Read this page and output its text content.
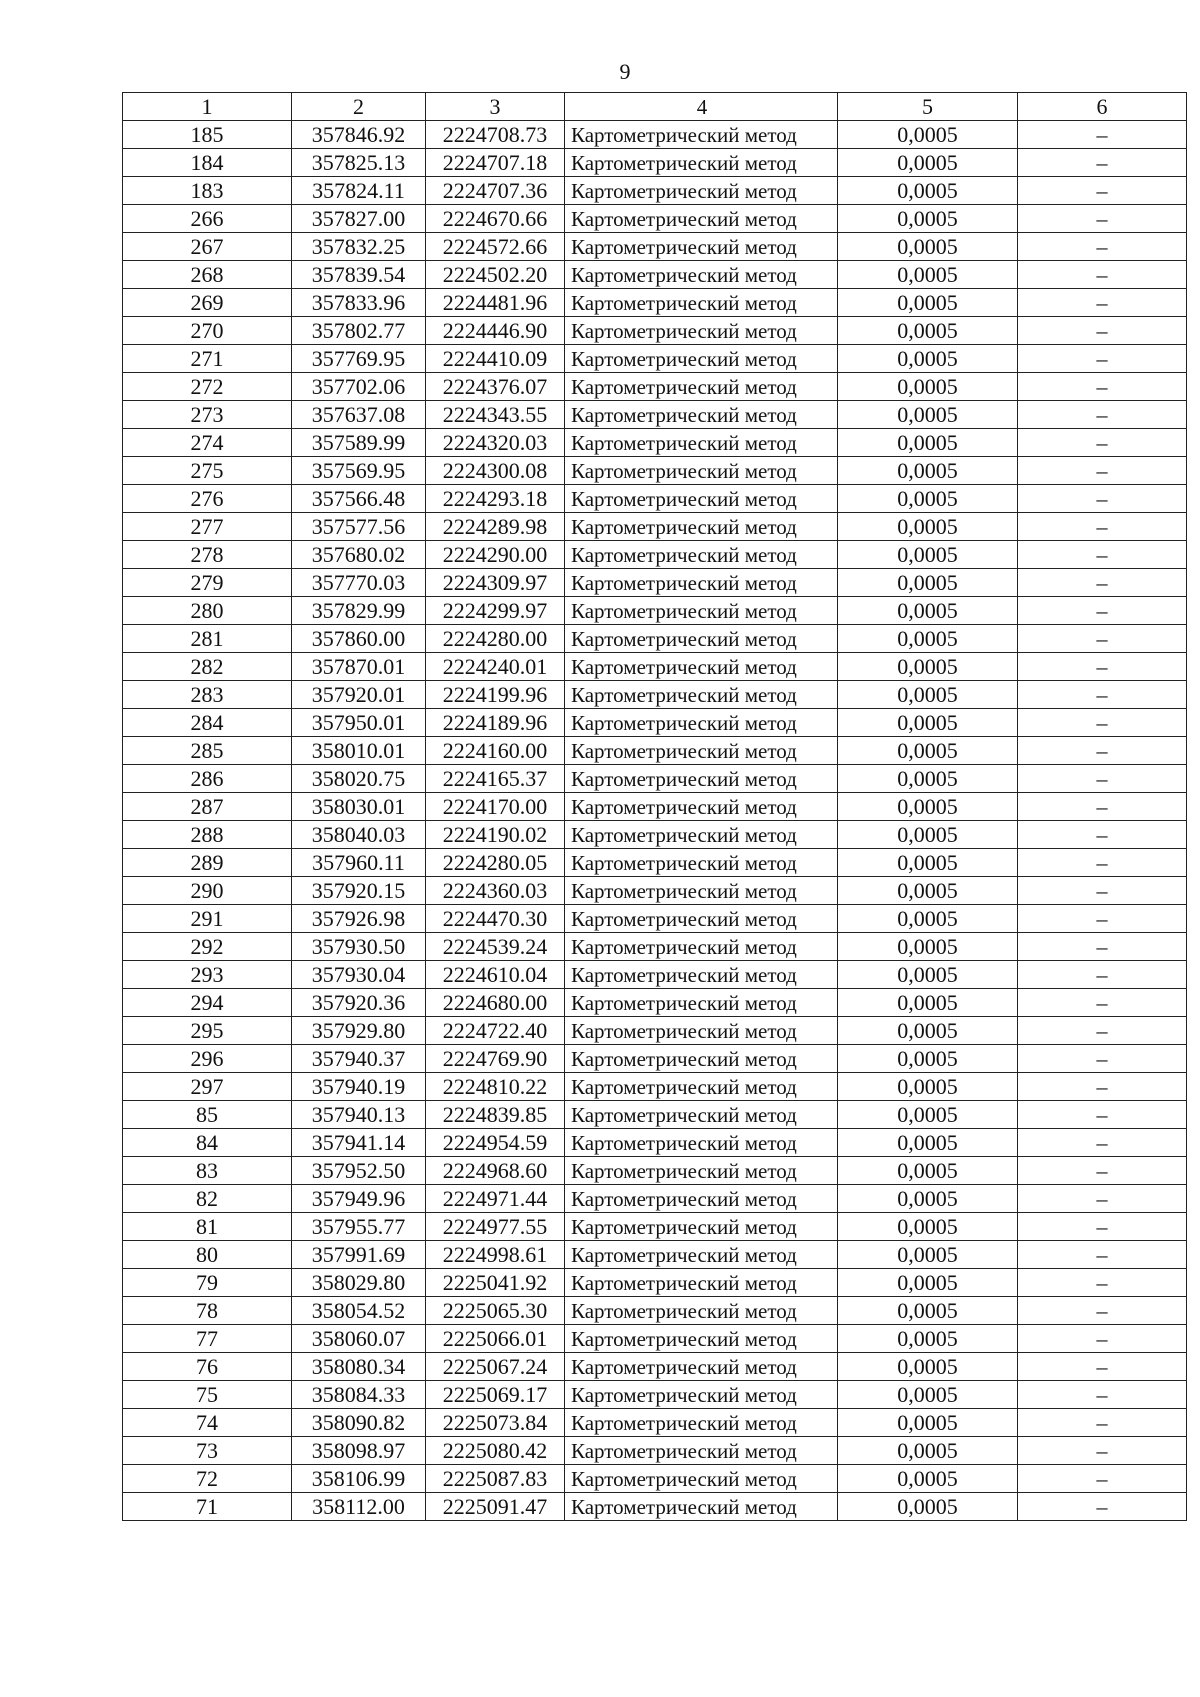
9
1	2	3	4	5	6
185	357846.92	2224708.73	Картометрический метод	0,0005	–
184	357825.13	2224707.18	Картометрический метод	0,0005	–
183	357824.11	2224707.36	Картометрический метод	0,0005	–
266	357827.00	2224670.66	Картометрический метод	0,0005	–
267	357832.25	2224572.66	Картометрический метод	0,0005	–
268	357839.54	2224502.20	Картометрический метод	0,0005	–
269	357833.96	2224481.96	Картометрический метод	0,0005	–
270	357802.77	2224446.90	Картометрический метод	0,0005	–
271	357769.95	2224410.09	Картометрический метод	0,0005	–
272	357702.06	2224376.07	Картометрический метод	0,0005	–
273	357637.08	2224343.55	Картометрический метод	0,0005	–
274	357589.99	2224320.03	Картометрический метод	0,0005	–
275	357569.95	2224300.08	Картометрический метод	0,0005	–
276	357566.48	2224293.18	Картометрический метод	0,0005	–
277	357577.56	2224289.98	Картометрический метод	0,0005	–
278	357680.02	2224290.00	Картометрический метод	0,0005	–
279	357770.03	2224309.97	Картометрический метод	0,0005	–
280	357829.99	2224299.97	Картометрический метод	0,0005	–
281	357860.00	2224280.00	Картометрический метод	0,0005	–
282	357870.01	2224240.01	Картометрический метод	0,0005	–
283	357920.01	2224199.96	Картометрический метод	0,0005	–
284	357950.01	2224189.96	Картометрический метод	0,0005	–
285	358010.01	2224160.00	Картометрический метод	0,0005	–
286	358020.75	2224165.37	Картометрический метод	0,0005	–
287	358030.01	2224170.00	Картометрический метод	0,0005	–
288	358040.03	2224190.02	Картометрический метод	0,0005	–
289	357960.11	2224280.05	Картометрический метод	0,0005	–
290	357920.15	2224360.03	Картометрический метод	0,0005	–
291	357926.98	2224470.30	Картометрический метод	0,0005	–
292	357930.50	2224539.24	Картометрический метод	0,0005	–
293	357930.04	2224610.04	Картометрический метод	0,0005	–
294	357920.36	2224680.00	Картометрический метод	0,0005	–
295	357929.80	2224722.40	Картометрический метод	0,0005	–
296	357940.37	2224769.90	Картометрический метод	0,0005	–
297	357940.19	2224810.22	Картометрический метод	0,0005	–
85	357940.13	2224839.85	Картометрический метод	0,0005	–
84	357941.14	2224954.59	Картометрический метод	0,0005	–
83	357952.50	2224968.60	Картометрический метод	0,0005	–
82	357949.96	2224971.44	Картометрический метод	0,0005	–
81	357955.77	2224977.55	Картометрический метод	0,0005	–
80	357991.69	2224998.61	Картометрический метод	0,0005	–
79	358029.80	2225041.92	Картометрический метод	0,0005	–
78	358054.52	2225065.30	Картометрический метод	0,0005	–
77	358060.07	2225066.01	Картометрический метод	0,0005	–
76	358080.34	2225067.24	Картометрический метод	0,0005	–
75	358084.33	2225069.17	Картометрический метод	0,0005	–
74	358090.82	2225073.84	Картометрический метод	0,0005	–
73	358098.97	2225080.42	Картометрический метод	0,0005	–
72	358106.99	2225087.83	Картометрический метод	0,0005	–
71	358112.00	2225091.47	Картометрический метод	0,0005	–
